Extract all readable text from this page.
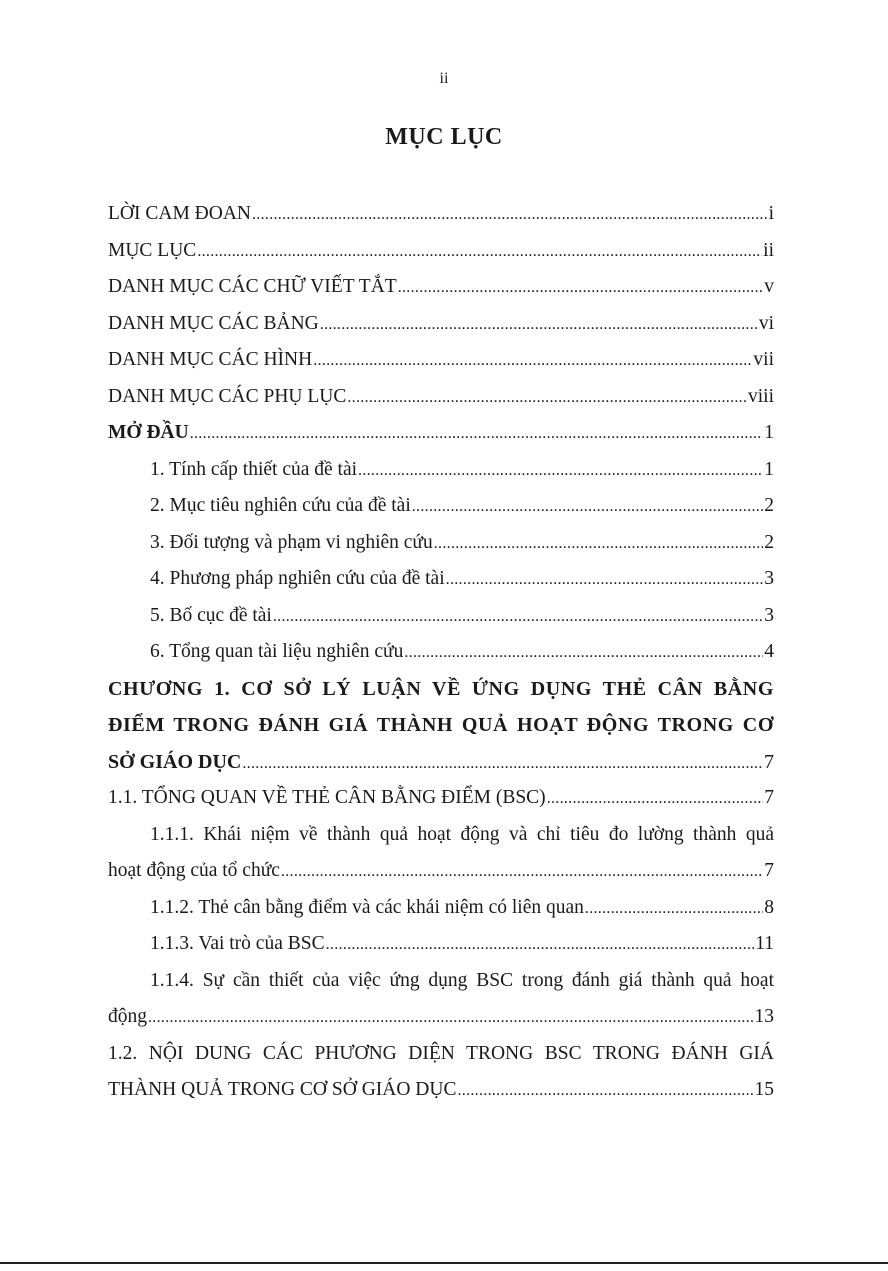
ii
MỤC LỤC
LỜI CAM ĐOAN .....	i
MỤC LỤC .....	ii
DANH MỤC CÁC CHỮ VIẾT TẮT .....	v
DANH MỤC CÁC BẢNG .....	vi
DANH MỤC CÁC HÌNH .....	vii
DANH MỤC CÁC PHỤ LỤC .....	viii
MỞ ĐẦU .....	1
1. Tính cấp thiết của đề tài .....	1
2. Mục tiêu nghiên cứu của đề tài .....	2
3. Đối tượng và phạm vi nghiên cứu .....	2
4. Phương pháp nghiên cứu của đề tài .....	3
5. Bố cục đề tài .....	3
6. Tổng quan tài liệu nghiên cứu .....	4
CHƯƠNG 1. CƠ SỞ LÝ LUẬN VỀ ỨNG DỤNG THẺ CÂN BẰNG
ĐIỂM TRONG ĐÁNH GIÁ THÀNH QUẢ HOẠT ĐỘNG TRONG CƠ
SỞ GIÁO DỤC .....	7
1.1. TỔNG QUAN VỀ THẺ CÂN BẰNG ĐIỂM (BSC) .....	7
1.1.1. Khái niệm về thành quả hoạt động và chỉ tiêu đo lường thành quả
hoạt động của tổ chức .....	7
1.1.2. Thẻ cân bằng điểm và các khái niệm có liên quan .....	8
1.1.3. Vai trò của BSC .....	11
1.1.4. Sự cần thiết của việc ứng dụng BSC trong đánh giá thành quả hoạt
động .....	13
1.2. NỘI DUNG CÁC PHƯƠNG DIỆN TRONG BSC TRONG ĐÁNH GIÁ
THÀNH QUẢ TRONG CƠ SỞ GIÁO DỤC .....	15
